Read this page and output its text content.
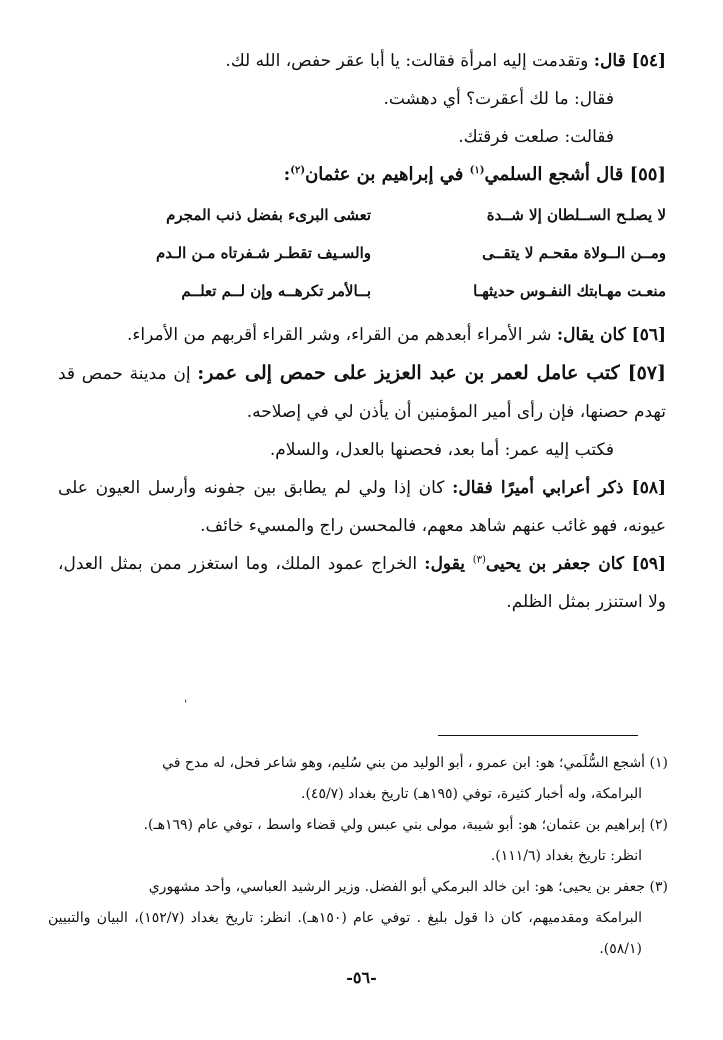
[٥٤] قال: وتقدمت إليه امرأة فقالت: يا أبا عقر حفص، الله لك.

فقال: ما لك أعقرت؟ أي دهشت.

فقالت: صلعت فرقتك.

[٥٥] قال أشجع السلمي$^{(١)}$ في إبراهيم بن عثمان$^{(٢)}$:

لا يصلـح الســلطان إلا شــدة
تعشى البرىء بفضل ذنب المجرم
ومــن الــولاة مقحـم لا يتقــى
والسـيف تقطـر شـفرتاه مـن الـدم
منعـت مهـابتك النفـوس حديثهـا
بــالأمر تكرهــه وإن لــم تعلــم

[٥٦] كان يقال: شر الأمراء أبعدهم من القراء، وشر القراء أقربهم من الأمراء.

[٥٧] كتب عامل لعمر بن عبد العزيز على حمص إلى عمر: إن مدينة حمص قد تهدم حصنها، فإن رأى أمير المؤمنين أن يأذن لي في إصلاحه.

فكتب إليه عمر: أما بعد، فحصنها بالعدل، والسلام.

[٥٨] ذكر أعرابي أميرًا فقال: كان إذا ولي لم يطابق بين جفونه وأرسل العيون على عيونه، فهو غائب عنهم شاهد معهم، فالمحسن راج والمسيء خائف.

[٥٩] كان جعفر بن يحيى$^{(٣)}$ يقول: الخراج عمود الملك، وما استغزر ممن بمثل العدل، ولا استنزر بمثل الظلم.

ˌ

(١) أشجع السُّلَمي؛ هو: ابن عمرو ، أبو الوليد من بني سُليم، وهو شاعر فحل، له مدح في
البرامكة، وله أخبار كثيرة، توفي (١٩٥هـ) تاريخ بغداد (٤٥/٧).

(٢) إبراهيم بن عثمان؛ هو: أبو شيبة، مولى بني عبس ولي قضاء واسط ، توفي عام (١٦٩هـ).
انظر: تاريخ بغداد (١١١/٦).

(٣) جعفر بن يحيى؛ هو: ابن خالد البرمكي أبو الفضل. وزير الرشيد العباسي، وأحد مشهوري
البرامكة ومقدميهم، كان ذا قول بليغ . توفي عام (١٥٠هـ). انظر: تاريخ بغداد (١٥٢/٧)، البيان والتبيين (٥٨/١).

-٥٦-
